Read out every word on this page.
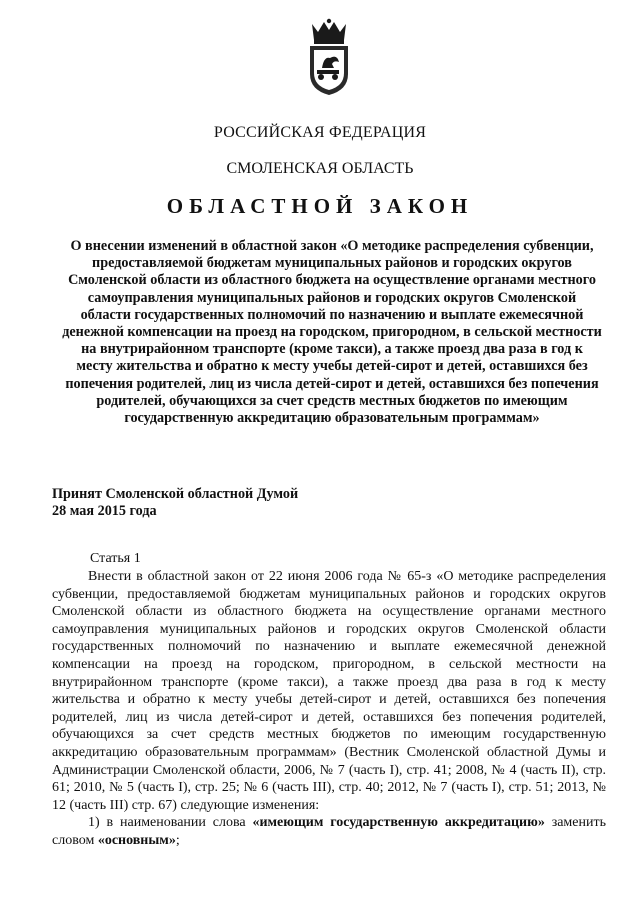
РОССИЙСКАЯ ФЕДЕРАЦИЯ
СМОЛЕНСКАЯ ОБЛАСТЬ
ОБЛАСТНОЙ ЗАКОН
О внесении изменений в областной закон «О методике распределения субвенции, предоставляемой бюджетам муниципальных районов и городских округов Смоленской области из областного бюджета на осуществление органами местного самоуправления муниципальных районов и городских округов Смоленской области государственных полномочий по назначению и выплате ежемесячной денежной компенсации на проезд на городском, пригородном, в сельской местности на внутрирайонном транспорте (кроме такси), а также проезд два раза в год к месту жительства и обратно к месту учебы детей-сирот и детей, оставшихся без попечения родителей, лиц из числа детей-сирот и детей, оставшихся без попечения родителей, обучающихся за счет средств местных бюджетов по имеющим государственную аккредитацию образовательным программам»
Принят Смоленской областной Думой
28 мая 2015 года
Статья 1

Внести в областной закон от 22 июня 2006 года № 65-з «О методике распределения субвенции, предоставляемой бюджетам муниципальных районов и городских округов Смоленской области из областного бюджета на осуществление органами местного самоуправления муниципальных районов и городских округов Смоленской области государственных полномочий по назначению и выплате ежемесячной денежной компенсации на проезд на городском, пригородном, в сельской местности на внутрирайонном транспорте (кроме такси), а также проезд два раза в год к месту жительства и обратно к месту учебы детей-сирот и детей, оставшихся без попечения родителей, лиц из числа детей-сирот и детей, оставшихся без попечения родителей, обучающихся за счет средств местных бюджетов по имеющим государственную аккредитацию образовательным программам» (Вестник Смоленской областной Думы и Администрации Смоленской области, 2006, № 7 (часть I), стр. 41; 2008, № 4 (часть II), стр. 61; 2010, № 5 (часть I), стр. 25; № 6 (часть III), стр. 40; 2012, № 7 (часть I), стр. 51; 2013, № 12 (часть III) стр. 67) следующие изменения:

1) в наименовании слова «имеющим государственную аккредитацию» заменить словом «основным»;
